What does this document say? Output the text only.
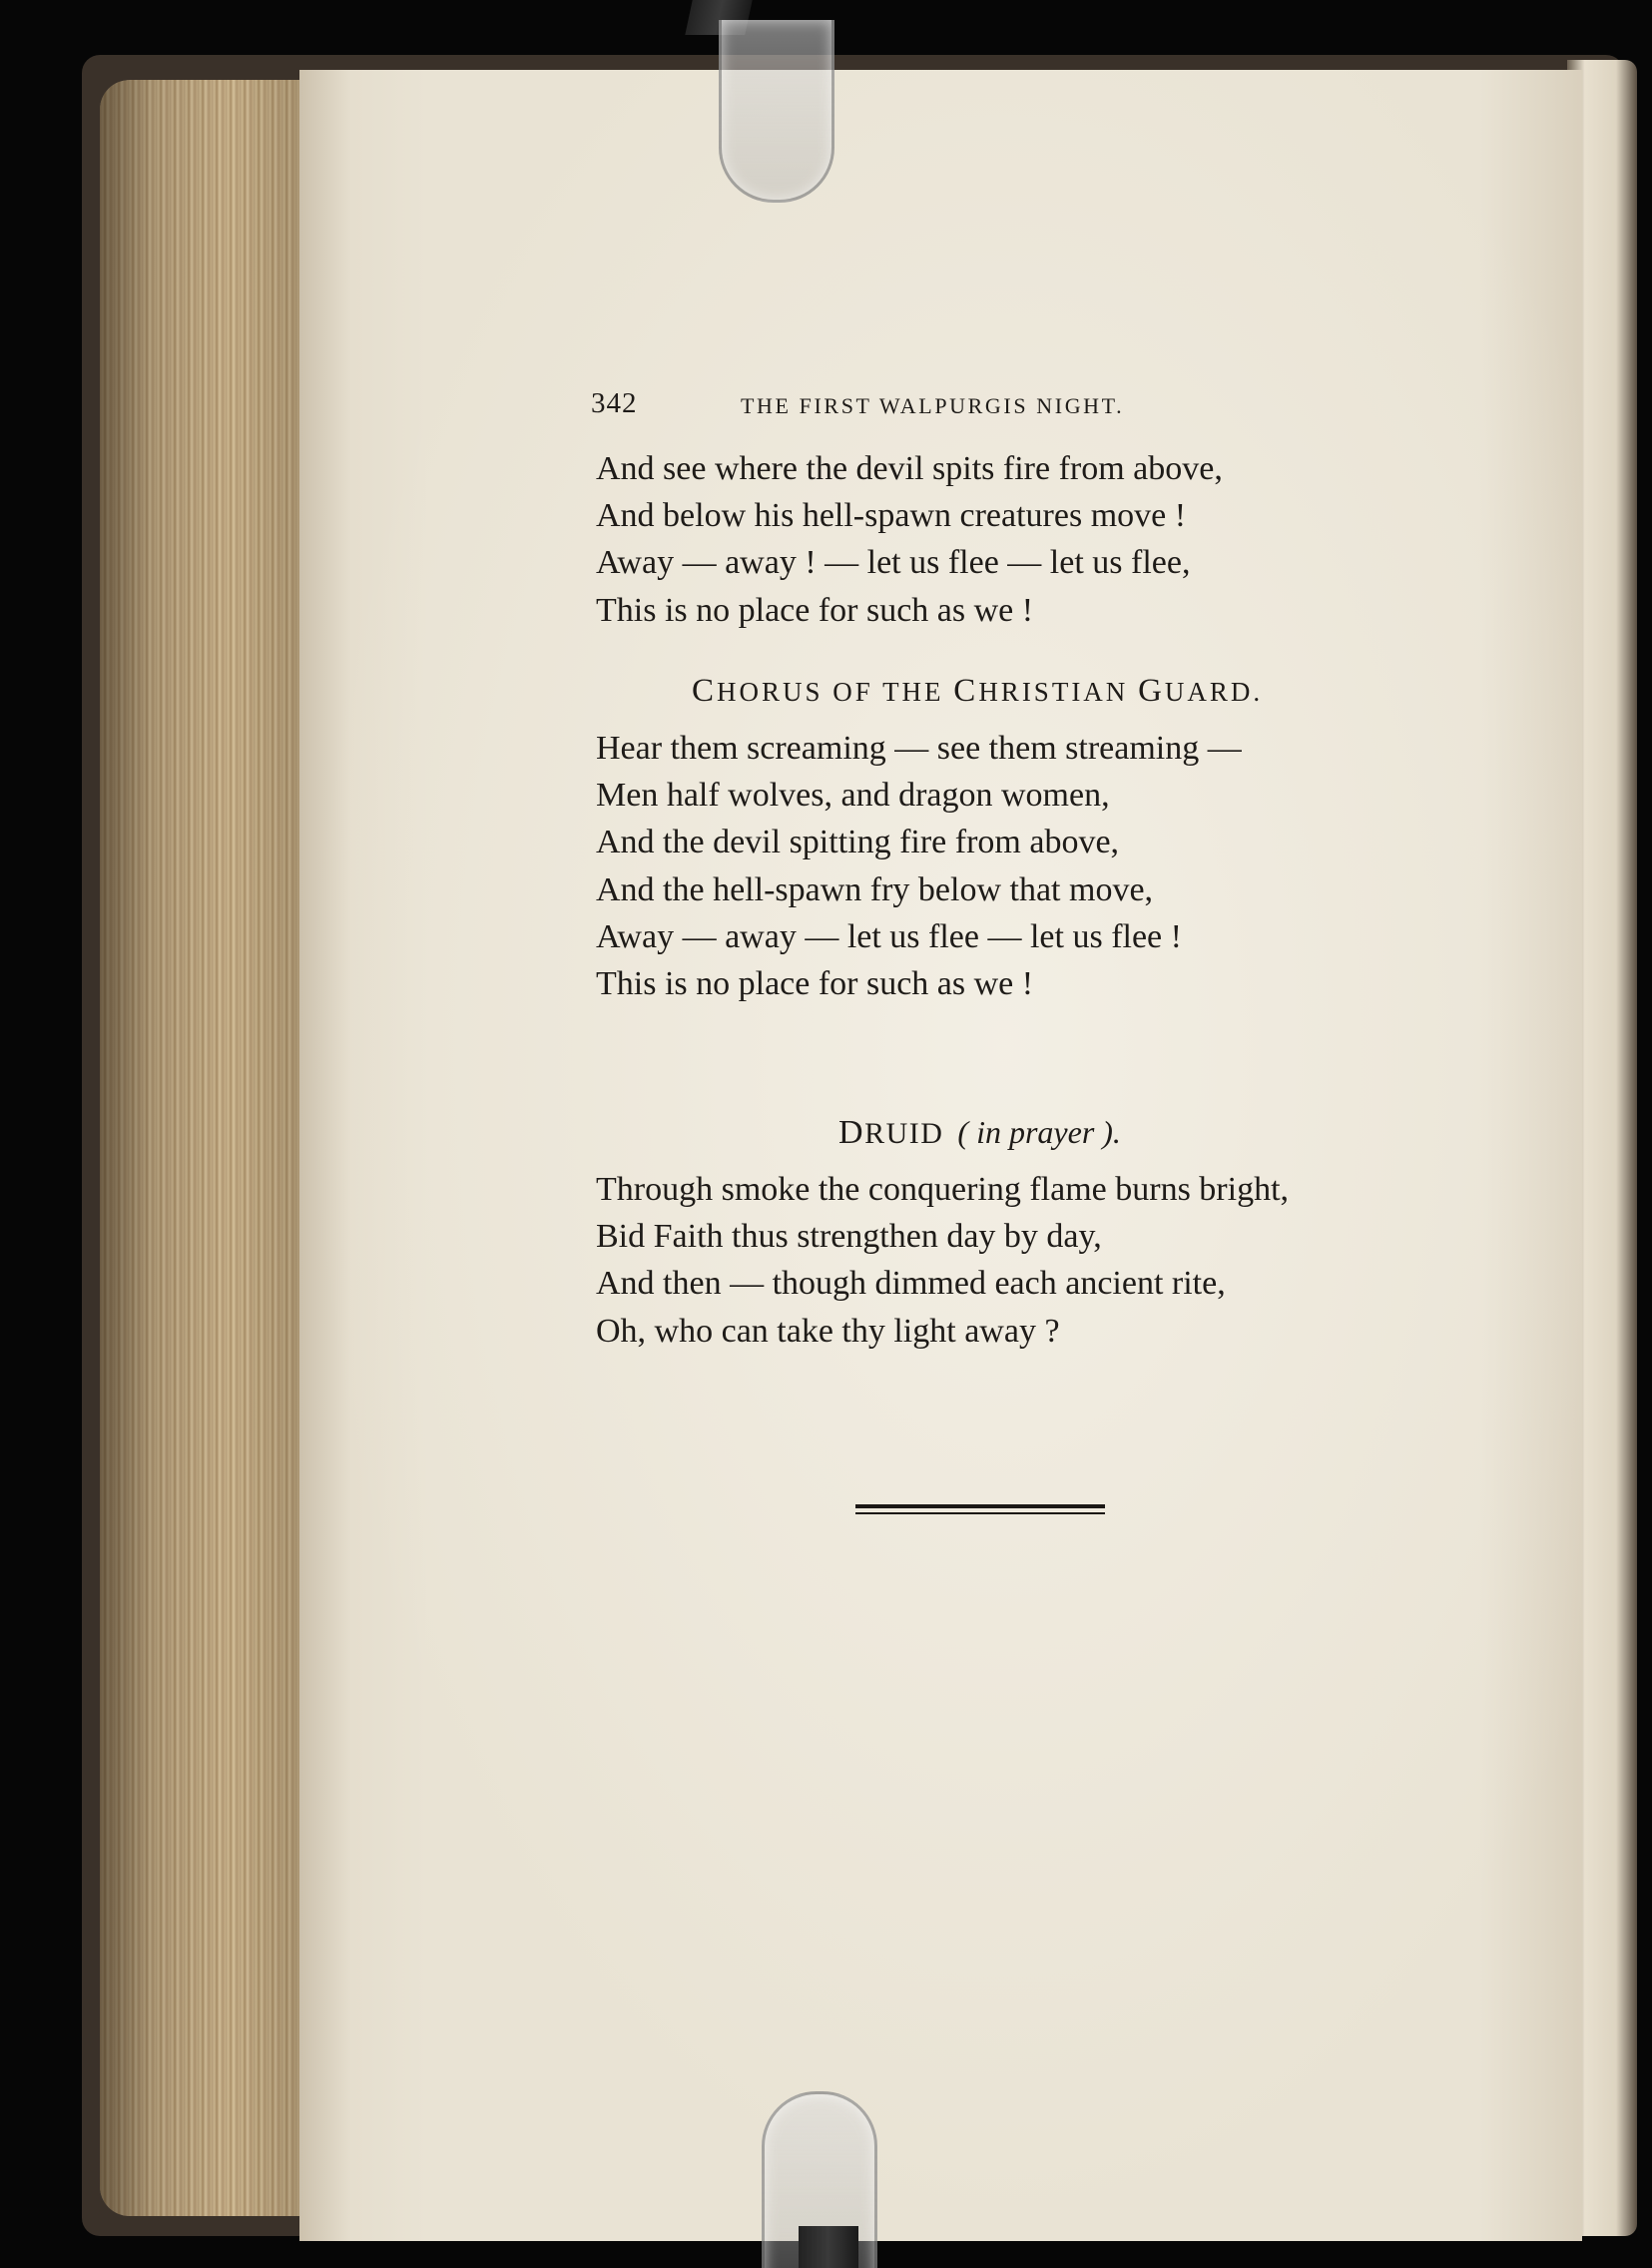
342	THE FIRST WALPURGIS NIGHT.
And see where the devil spits fire from above,
And below his hell-spawn creatures move !
Away — away ! — let us flee — let us flee,
This is no place for such as we !
CHORUS OF THE CHRISTIAN GUARD.
Hear them screaming — see them streaming —
Men half wolves, and dragon women,
And the devil spitting fire from above,
And the hell-spawn fry below that move,
Away — away — let us flee — let us flee !
This is no place for such as we !
DRUID ( in prayer ).
Through smoke the conquering flame burns bright,
Bid Faith thus strengthen day by day,
And then — though dimmed each ancient rite,
Oh, who can take thy light away ?
